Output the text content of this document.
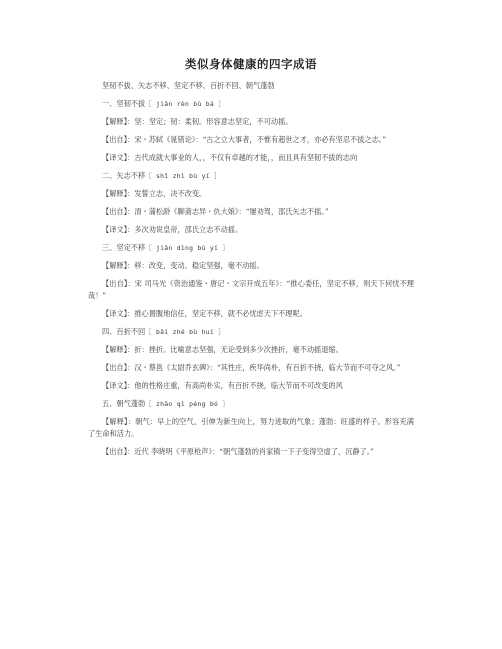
类似身体健康的四字成语

坚韧不拔、矢志不移、坚定不移、百折不回、朝气蓬勃

一、坚韧不拔［ jiān rèn bù bá ］

【解释】：坚：坚定；韧：柔韧。形容意志坚定，不可动摇。

【出自】：宋・苏轼《晁错论》：“古之立大事者，不惟有超世之才，亦必有坚忍不拔之志。”

【译文】：古代成就大事业的人，，不仅有卓越的才能，，而且具有坚韧不拔的志向

二、矢志不移［ shǐ zhì bù yí ］

【解释】：发誓立志，决不改变。

【出自】：清・蒲松龄《聊斋志异・仇大娘》：“屡劝驾，邵氏矢志不摇。”

【译文】：多次劝说皇帝，邵氏立志不动摇。

三、坚定不移［ jiān dìng bù yí ］

【解释】：移：改变，变动。稳定坚强，毫不动摇。

【出自】：宋 司马光《资治通鉴・唐记・文宗开成五年》：“推心委任，坚定不移，则天下何忧不理哉！”

【译文】：推心置腹地信任，坚定不移，就不必忧虑天下不理呢。

四、百折不回［ bǎi zhé bù huí ］

【解释】：折：挫折。比喻意志坚强，无论受到多少次挫折，毫不动摇退缩。

【出自】：汉・蔡邕《太尉乔玄碑》：“其性庄，疾华尚朴，有百折不挠，临大节而不可夺之风。”

【译文】：他的性格庄重，有高尚朴实，有百折不挠，临大节而不可改变的风

五、朝气蓬勃［ zhāo qì péng bó ］

【解释】：朝气：早上的空气，引伸为新生向上，努力进取的气象；蓬勃：旺盛的样子。形容充满了生命和活力。

【出自】：近代 李晓明《平原枪声》：“朝气蓬勃的肖家镇一下子变得空虚了，沉静了。”
